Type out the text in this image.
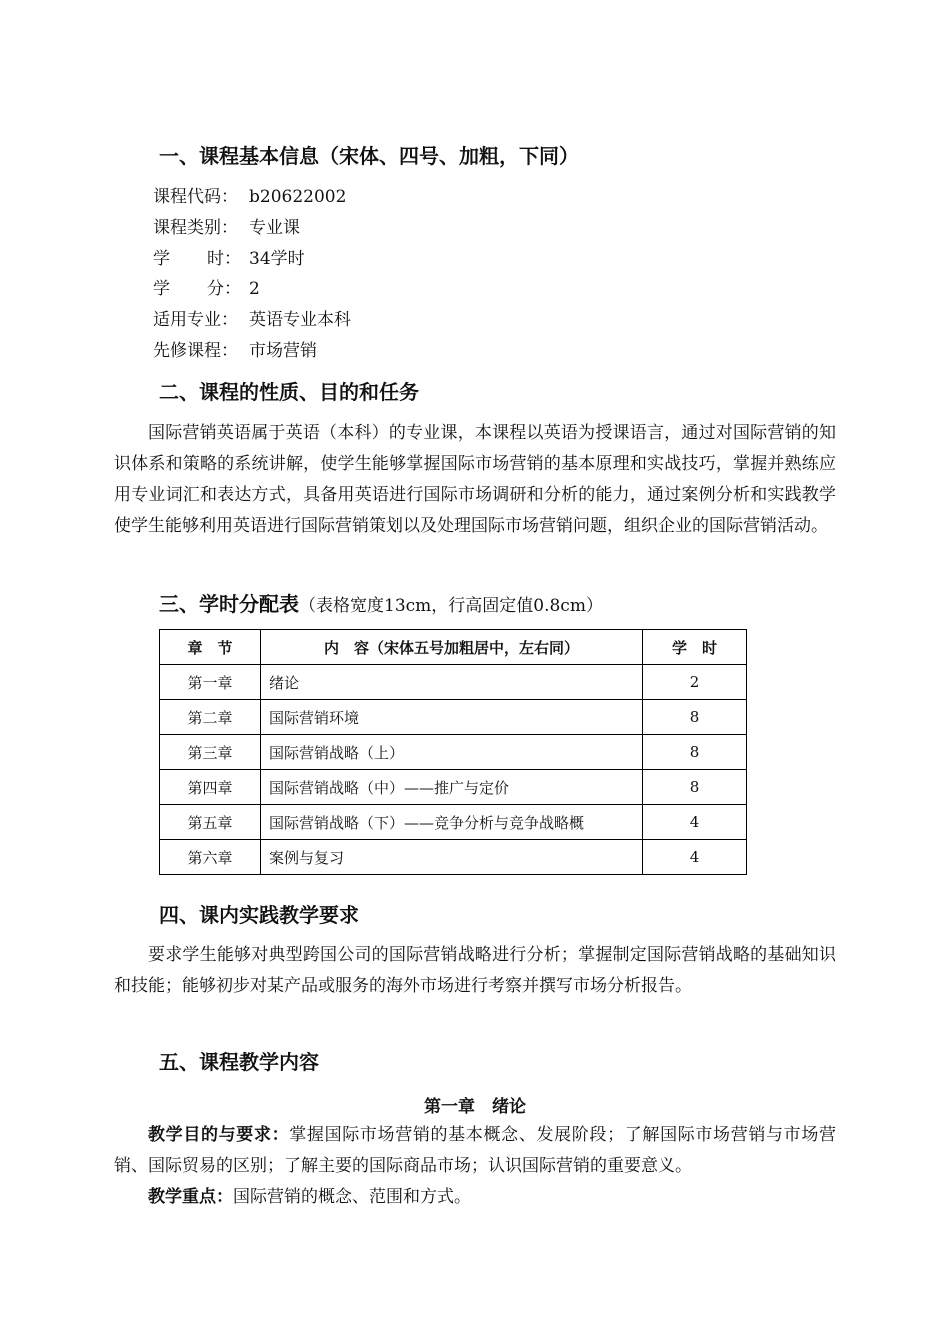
一、课程基本信息（宋体、四号、加粗，下同）
课程代码： b20622002
课程类别： 专业课
学 时： 34学时
学 分： 2
适用专业： 英语专业本科
先修课程： 市场营销
二、课程的性质、目的和任务
国际营销英语属于英语（本科）的专业课，本课程以英语为授课语言，通过对国际营销的知识体系和策略的系统讲解，使学生能够掌握国际市场营销的基本原理和实战技巧，掌握并熟练应用专业词汇和表达方式，具备用英语进行国际市场调研和分析的能力，通过案例分析和实践教学使学生能够利用英语进行国际营销策划以及处理国际市场营销问题，组织企业的国际营销活动。
三、学时分配表（表格宽度13cm，行高固定值0.8cm）
章　节	内　容（宋体五号加粗居中，左右同）	学　时
第一章	绪论	2
第二章	国际营销环境	8
第三章	国际营销战略（上）	8
第四章	国际营销战略（中）——推广与定价	8
第五章	国际营销战略（下）——竞争分析与竞争战略概	4
第六章	案例与复习	4
四、课内实践教学要求
要求学生能够对典型跨国公司的国际营销战略进行分析；掌握制定国际营销战略的基础知识和技能；能够初步对某产品或服务的海外市场进行考察并撰写市场分析报告。
五、课程教学内容
第一章　绪论
教学目的与要求：掌握国际市场营销的基本概念、发展阶段；了解国际市场营销与市场营销、国际贸易的区别；了解主要的国际商品市场；认识国际营销的重要意义。
教学重点：国际营销的概念、范围和方式。
